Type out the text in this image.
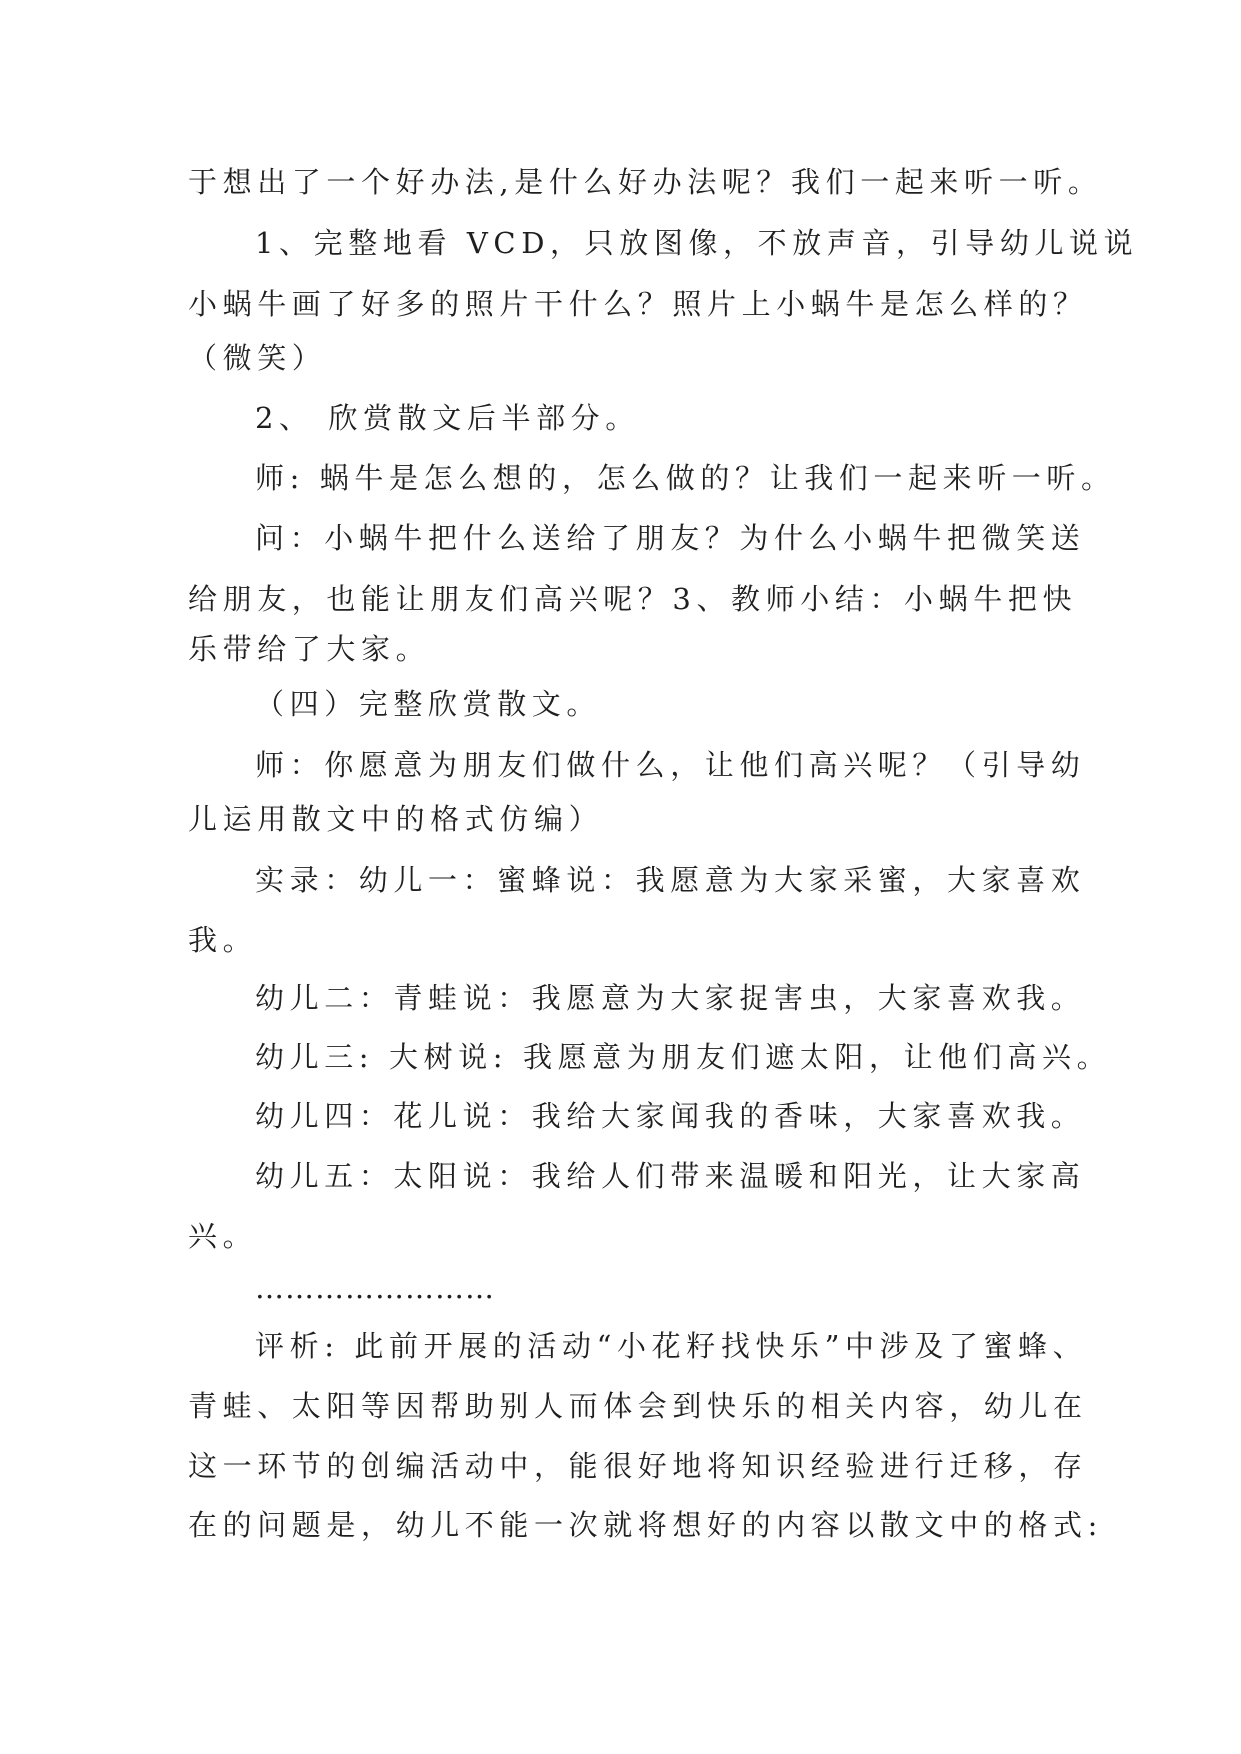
于想出了一个好办法,是什么好办法呢？我们一起来听一听。
1、完整地看 VCD，只放图像，不放声音，引导幼儿说说
小蜗牛画了好多的照片干什么？照片上小蜗牛是怎么样的？
（微笑）
2、 欣赏散文后半部分。
师: 蜗牛是怎么想的，怎么做的？让我们一起来听一听。
问：小蜗牛把什么送给了朋友？为什么小蜗牛把微笑送
给朋友，也能让朋友们高兴呢？3、教师小结：小蜗牛把快
乐带给了大家。
（四）完整欣赏散文。
师：你愿意为朋友们做什么，让他们高兴呢？（引导幼
儿运用散文中的格式仿编）
实录：幼儿一：蜜蜂说：我愿意为大家采蜜，大家喜欢
我。
幼儿二：青蛙说：我愿意为大家捉害虫，大家喜欢我。
幼儿三: 大树说: 我愿意为朋友们遮太阳，让他们高兴。
幼儿四：花儿说：我给大家闻我的香味，大家喜欢我。
幼儿五：太阳说：我给人们带来温暖和阳光，让大家高
兴。
……………………
评析: 此前开展的活动“小花籽找快乐”中涉及了蜜蜂、
青蛙、太阳等因帮助别人而体会到快乐的相关内容，幼儿在
这一环节的创编活动中，能很好地将知识经验进行迁移，存
在的问题是，幼儿不能一次就将想好的内容以散文中的格式:
